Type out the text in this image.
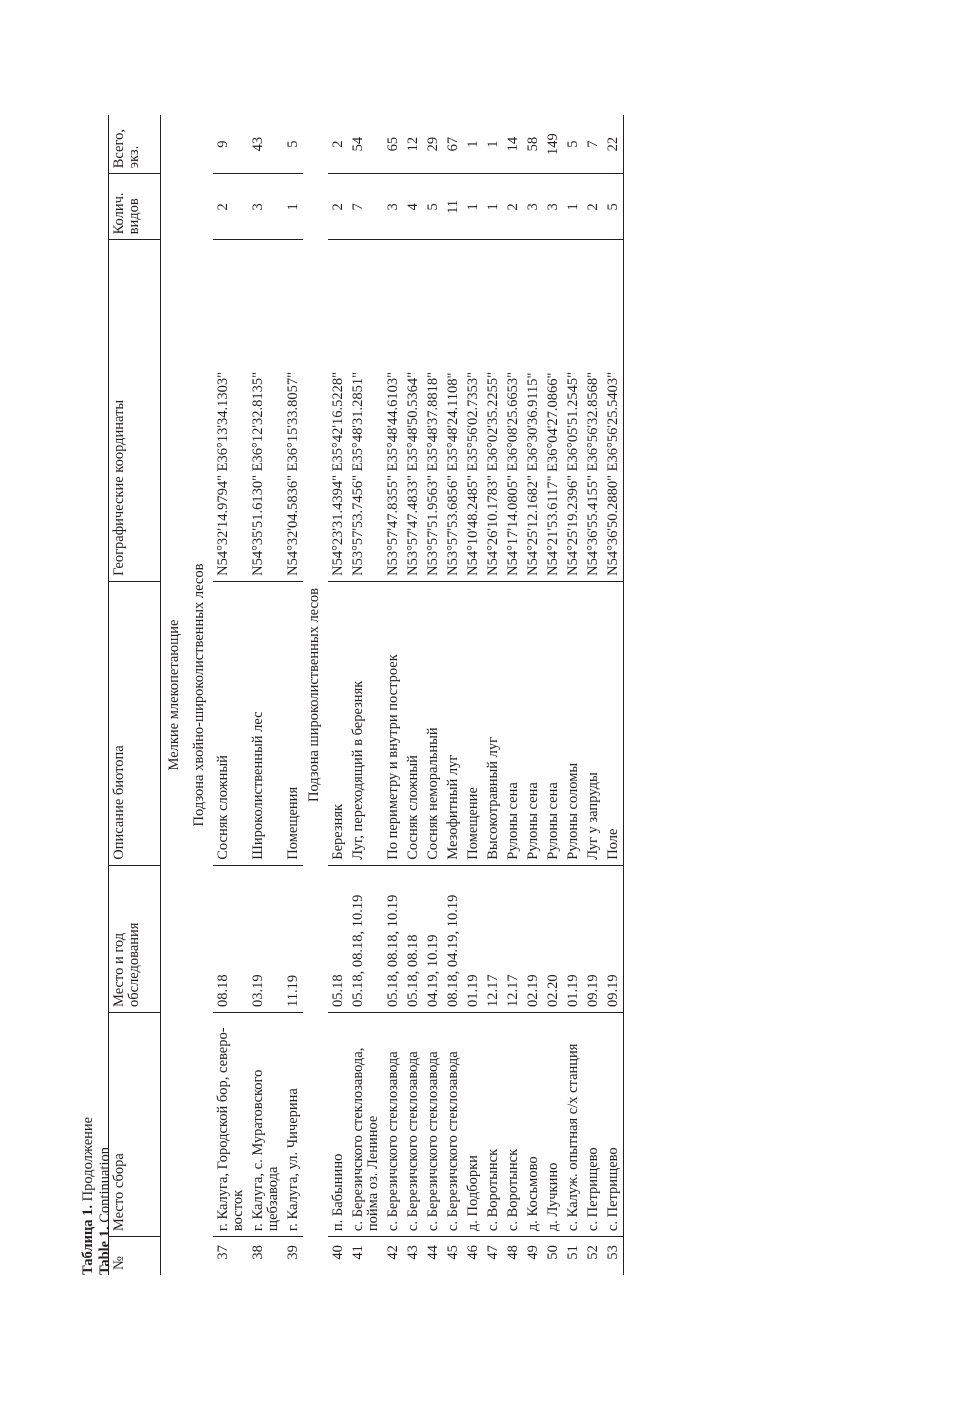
Таблица 1. Продолжение
Table 1. Continuation
№	Место сбора	Место и год обследования	Описание биотопа	Географические координаты	Колич. видов	Всего, экз.
Мелкие млекопетающие						
Подзона хвойно-широколиственных лесов						
37	г. Калуга, Городской бор, северо-восток	08.18	Сосняк сложный	N54°32'14.9794" E36°13'34.1303"	2	9
38	г. Калуга, с. Муратовского щебзавода	03.19	Широколиственный лес	N54°35'51.6130" E36°12'32.8135"	3	43
39	г. Калуга, ул. Чичерина	11.19	Помещения	N54°32'04.5836" E36°15'33.8057"	1	5
Подзона широколиственных лесов						
40	п. Бабынино	05.18	Березняк	N54°23'31.4394" E35°42'16.5228"	2	2
41	с. Березичского стеклозавода, пойма оз. Лениное	05.18, 08.18, 10.19	Луг, переходящий в березняк	N53°57'53.7456" E35°48'31.2851"	7	54
42	с. Березичского стеклозавода	05.18, 08.18, 10.19	По периметру и внутри построек	N53°57'47.8355" E35°48'44.6103"	3	65
43	с. Березичского стеклозавода	05.18, 08.18	Сосняк сложный	N53°57'47.4833" E35°48'50.5364"	4	12
44	с. Березичского стеклозавода	04.19, 10.19	Сосняк неморальный	N53°57'51.9563" E35°48'37.8818"	5	29
45	с. Березичского стеклозавода	08.18, 04.19, 10.19	Мезофитный луг	N53°57'53.6856" E35°48'24.1108"	11	67
46	д. Подборки	01.19	Помещение	N54°10'48.2485" E35°56'02.7353"	1	1
47	с. Воротынск	12.17	Высокотравный луг	N54°26'10.1783" E36°02'35.2255"	1	1
48	с. Воротынск	12.17	Рулоны сена	N54°17'14.0805" E36°08'25.6653"	2	14
49	д. Косьмово	02.19	Рулоны сена	N54°25'12.1682" E36°30'36.9115"	3	58
50	д. Лучкино	02.20	Рулоны сена	N54°21'53.6117" E36°04'27.0866"	3	149
51	с. Калуж. опытная с/х станция	01.19	Рулоны соломы	N54°25'19.2396" E36°05'51.2545"	1	5
52	с. Петрищево	09.19	Луг у запруды	N54°36'55.4155" E36°56'32.8568"	2	7
53	с. Петрищево	09.19	Поле	N54°36'50.2880" E36°56'25.5403"	5	22
